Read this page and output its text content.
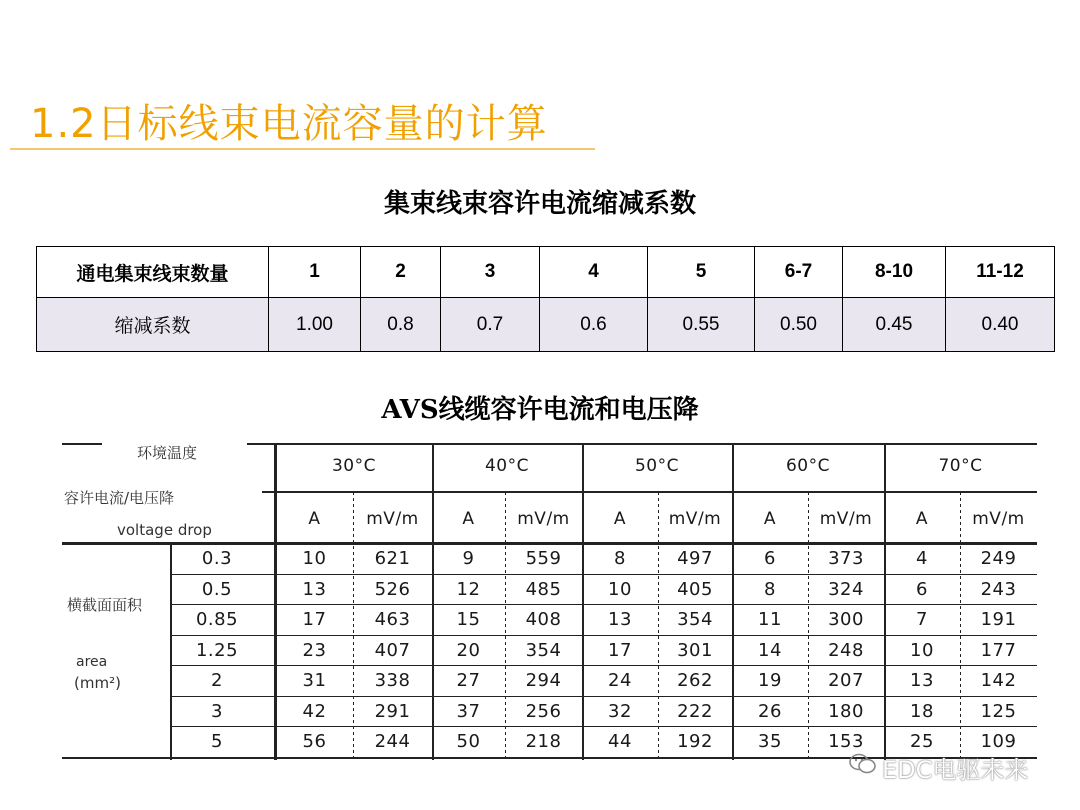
1.2日标线束电流容量的计算
集束线束容许电流缩减系数
通电集束线束数量	1	2	3	4	5	6-7	8-10	11-12
缩减系数	1.00	0.8	0.7	0.6	0.55	0.50	0.45	0.40
AVS线缆容许电流和电压降
环境温度
容许电流/电压降
voltage drop
横截面面积
area
(mm²)
30°C
A	mV/m
40°C
A	mV/m
50°C
A	mV/m
60°C
A	mV/m
70°C
A	mV/m
0.3	10	621	9	559	8	497	6	373	4	249
0.5	13	526	12	485	10	405	8	324	6	243
0.85	17	463	15	408	13	354	11	300	7	191
1.25	23	407	20	354	17	301	14	248	10	177
2	31	338	27	294	24	262	19	207	13	142
3	42	291	37	256	32	222	26	180	18	125
5	56	244	50	218	44	192	35	153	25	109
EDC电驱未来
